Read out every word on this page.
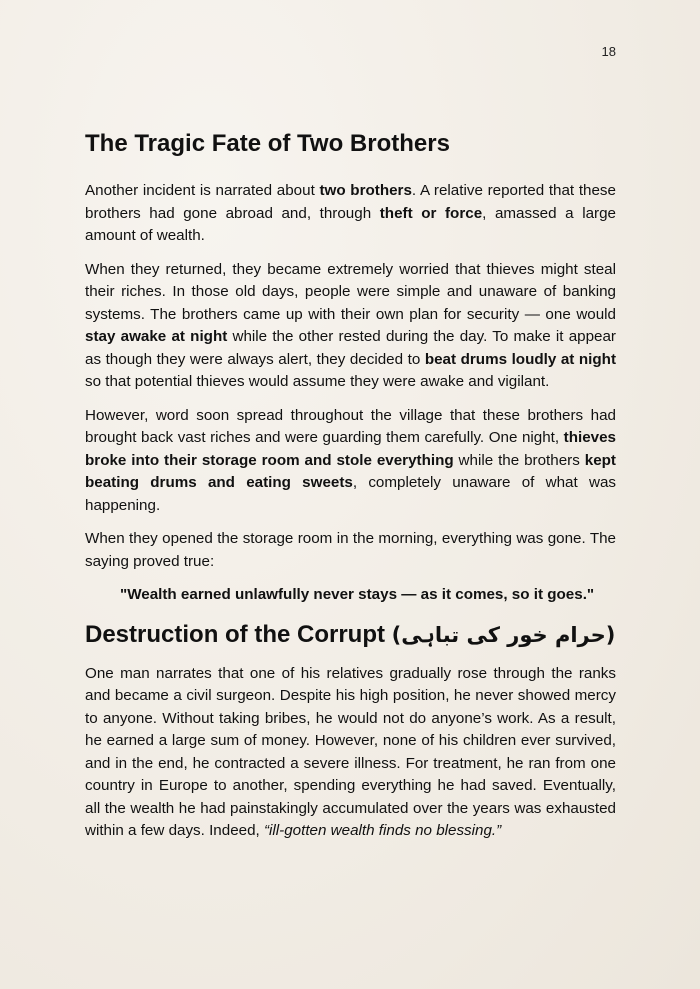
18
The Tragic Fate of Two Brothers

Another incident is narrated about two brothers. A relative reported that these brothers had gone abroad and, through theft or force, amassed a large amount of wealth.

When they returned, they became extremely worried that thieves might steal their riches. In those old days, people were simple and unaware of banking systems. The brothers came up with their own plan for security — one would stay awake at night while the other rested during the day. To make it appear as though they were always alert, they decided to beat drums loudly at night so that potential thieves would assume they were awake and vigilant.

However, word soon spread throughout the village that these brothers had brought back vast riches and were guarding them carefully. One night, thieves broke into their storage room and stole everything while the brothers kept beating drums and eating sweets, completely unaware of what was happening.

When they opened the storage room in the morning, everything was gone. The saying proved true:

"Wealth earned unlawfully never stays — as it comes, so it goes."
Destruction of the Corrupt (حرام خور کی تباہی)

One man narrates that one of his relatives gradually rose through the ranks and became a civil surgeon. Despite his high position, he never showed mercy to anyone. Without taking bribes, he would not do anyone’s work. As a result, he earned a large sum of money. However, none of his children ever survived, and in the end, he contracted a severe illness. For treatment, he ran from one country in Europe to another, spending everything he had saved. Eventually, all the wealth he had painstakingly accumulated over the years was exhausted within a few days. Indeed, “ill-gotten wealth finds no blessing.”
